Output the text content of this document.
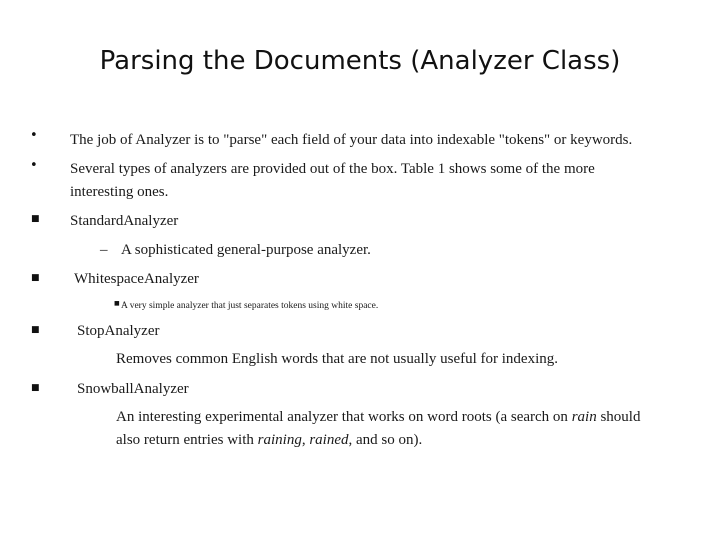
Parsing the Documents (Analyzer Class)
• The job of Analyzer is to "parse" each field of your data into indexable "tokens" or keywords.
• Several types of analyzers are provided out of the box. Table 1 shows some of the more
interesting ones.
■ StandardAnalyzer
– A sophisticated general-purpose analyzer.
■ WhitespaceAnalyzer
■ A very simple analyzer that just separates tokens using white space.
■ StopAnalyzer
Removes common English words that are not usually useful for indexing.
■ SnowballAnalyzer
An interesting experimental analyzer that works on word roots (a search on rain should
also return entries with raining, rained, and so on).
